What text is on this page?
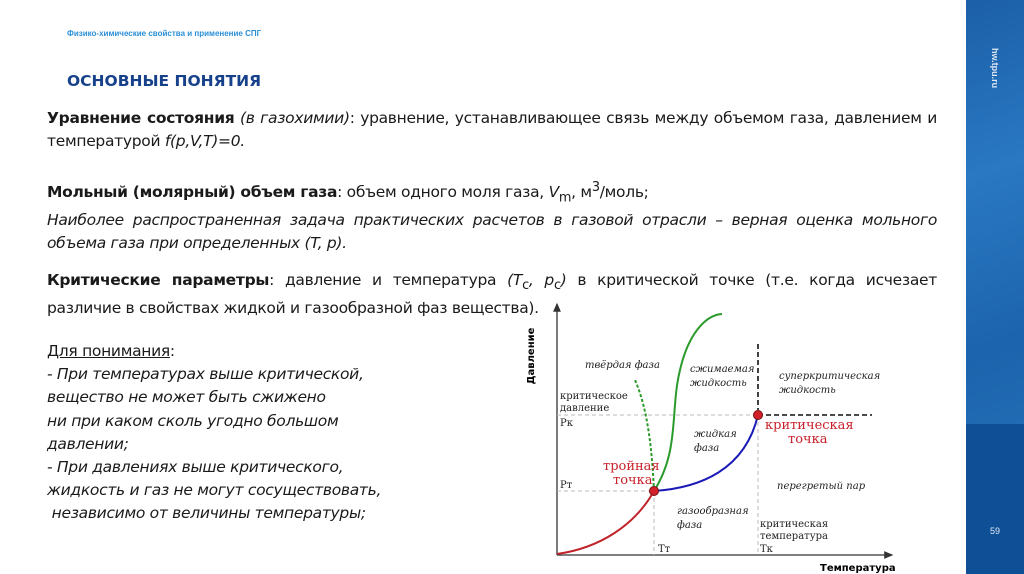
59
hw.tpu.ru
Физико-химические свойства и применение СПГ
ОСНОВНЫЕ ПОНЯТИЯ

Уравнение состояния (в газохимии): уравнение, устанавливающее связь между объемом газа, давлением и температурой f(p,V,T)=0.

Мольный (молярный) объем газа: объем одного моля газа, $V_m$, $м^3$/моль;

Наиболее распространенная задача практических расчетов в газовой отрасли – верная оценка мольного объема газа при определенных (T, p).

Критические параметры: давление и температура ($T_c$, $p_c$) в критической точке (т.е. когда исчезает различие в свойствах жидкой и газообразной фаз вещества).

Для понимания:
- При температурах выше критической,
вещество не может быть сжижено
ни при каком сколь угодно большом
давлении;
- При давлениях выше критического,
жидкость и газ не могут сосуществовать,
независимо от величины температуры;
Давление
Температура
твёрдая фаза	сжимаемая
жидкость
суперкритическая
жидкость
критическое
давление
Pк
жидкая
фаза
критическая
точка
тройная
точка
Pт	перегретый пар
газообразная
фаза	критическая
температура
Tт	Tк
